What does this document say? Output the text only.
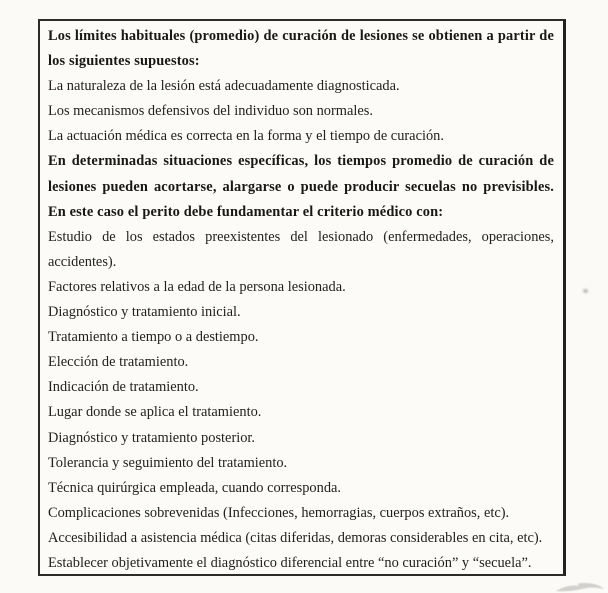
Los límites habituales (promedio) de curación de lesiones se obtienen a partir de los siguientes supuestos:

La naturaleza de la lesión está adecuadamente diagnosticada.

Los mecanismos defensivos del individuo son normales.

La actuación médica es correcta en la forma y el tiempo de curación.

En determinadas situaciones específicas, los tiempos promedio de curación de lesiones pueden acortarse, alargarse o puede producir secuelas no previsibles. En este caso el perito debe fundamentar el criterio médico con:

Estudio de los estados preexistentes del lesionado (enfermedades, operaciones, accidentes).

Factores relativos a la edad de la persona lesionada.

Diagnóstico y tratamiento inicial.

Tratamiento a tiempo o a destiempo.

Elección de tratamiento.

Indicación de tratamiento.

Lugar donde se aplica el tratamiento.

Diagnóstico y tratamiento posterior.

Tolerancia y seguimiento del tratamiento.

Técnica quirúrgica empleada, cuando corresponda.

Complicaciones sobrevenidas (Infecciones, hemorragias, cuerpos extraños, etc).

Accesibilidad a asistencia médica (citas diferidas, demoras considerables en cita, etc).

Establecer objetivamente el diagnóstico diferencial entre “no curación” y “secuela”.
